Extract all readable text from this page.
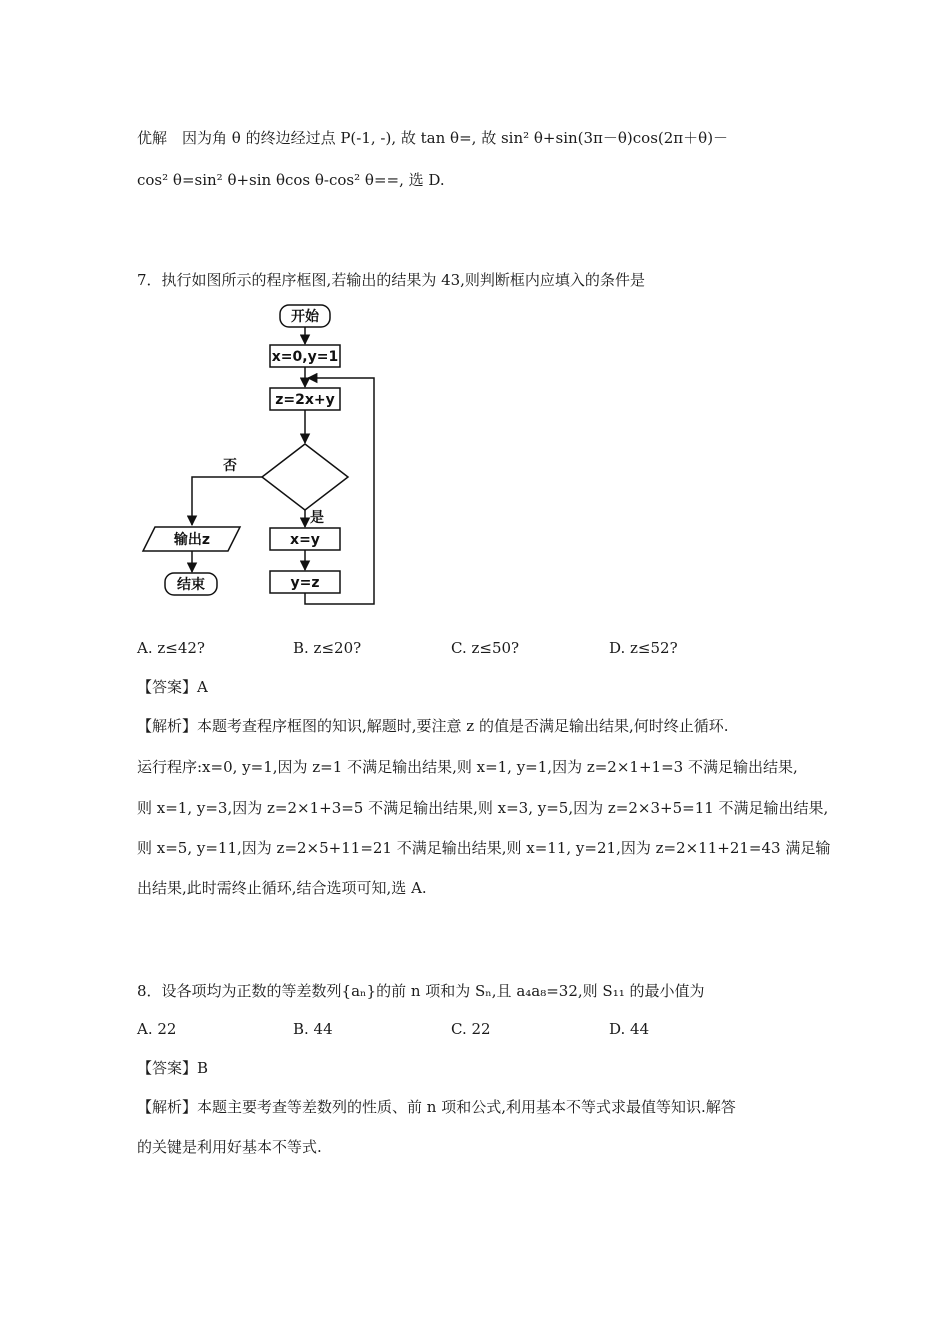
优解　因为角 θ 的终边经过点 P(-1, -), 故 tan θ=, 故 sin² θ+sin(3π－θ)cos(2π＋θ)－
cos² θ=sin² θ+sin θcos θ-cos² θ==, 选 D.
7．执行如图所示的程序框图,若输出的结果为 43,则判断框内应填入的条件是
开始
x=0,y=1
z=2x+y
否
是
输出z
结束
x=y
y=z
A. z≤42?	B. z≤20?	C. z≤50?	D. z≤52?
【答案】A
【解析】本题考查程序框图的知识,解题时,要注意 z 的值是否满足输出结果,何时终止循环.
运行程序:x=0, y=1,因为 z=1 不满足输出结果,则 x=1, y=1,因为 z=2×1+1=3 不满足输出结果,
则 x=1, y=3,因为 z=2×1+3=5 不满足输出结果,则 x=3, y=5,因为 z=2×3+5=11 不满足输出结果,
则 x=5, y=11,因为 z=2×5+11=21 不满足输出结果,则 x=11, y=21,因为 z=2×11+21=43 满足输
出结果,此时需终止循环,结合选项可知,选 A.
8．设各项均为正数的等差数列{aₙ}的前 n 项和为 Sₙ,且 a₄a₈=32,则 S₁₁ 的最小值为
A. 22	B. 44	C. 22	D. 44
【答案】B
【解析】本题主要考查等差数列的性质、前 n 项和公式,利用基本不等式求最值等知识.解答
的关键是利用好基本不等式.
